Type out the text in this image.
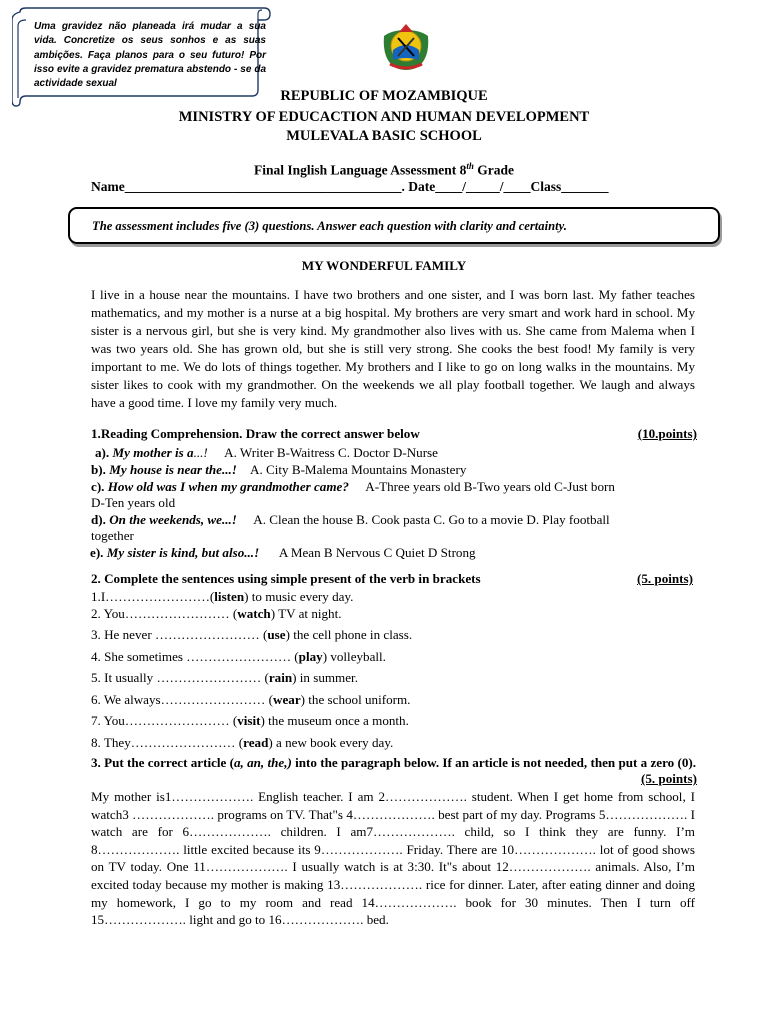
Uma gravidez não planeada irá mudar a sua vida. Concretize os seus sonhos e as suas ambições. Faça planos para o seu futuro! Por isso evite a gravidez prematura abstendo - se da actividade sexual
REPUBLIC OF MOZAMBIQUE
MINISTRY OF EDUCACTION AND HUMAN DEVELOPMENT
MULEVALA BASIC SCHOOL
Final Inglish Language Assessment 8th Grade
Name_________________________________________. Date____/_____/____Class_______
The assessment includes five (3) questions. Answer each question with clarity and certainty.
MY WONDERFUL FAMILY
I live in a house near the mountains. I have two brothers and one sister, and I was born last. My father teaches mathematics, and my mother is a nurse at a big hospital. My brothers are very smart and work hard in school. My sister is a nervous girl, but she is very kind. My grandmother also lives with us. She came from Malema when I was two years old. She has grown old, but she is still very strong. She cooks the best food! My family is very important to me. We do lots of things together. My brothers and I like to go on long walks in the mountains. My sister likes to cook with my grandmother. On the weekends we all play football together. We laugh and always have a good time. I love my family very much.
1.Reading Comprehension. Draw the correct answer below	(10.points)
a). My mother is a...! A. Writer B-Waitress C. Doctor D-Nurse
b). My house is near the...! A. City B-Malema Mountains Monastery
c). How old was I when my grandmother came? A-Three years old B-Two years old C-Just born
D-Ten years old
d). On the weekends, we...! A. Clean the house B. Cook pasta C. Go to a movie D. Play football
together
e). My sister is kind, but also...! A Mean B Nervous C Quiet D Strong
2. Complete the sentences using simple present of the verb in brackets	(5. points)
1.I……………………(listen) to music every day.
2. You…………………… (watch) TV at night.
3. He never …………………… (use) the cell phone in class.
4. She sometimes …………………… (play) volleyball.
5. It usually …………………… (rain) in summer.
6. We always…………………… (wear) the school uniform.
7. You…………………… (visit) the museum once a month.
8. They…………………… (read) a new book every day.
3. Put the correct article (a, an, the,) into the paragraph below. If an article is not needed, then put a zero (0).
(5. points)
My mother is1………………. English teacher. I am 2………………. student. When I get home from school, I watch3 ………………. programs on TV. That"s 4………………. best part of my day. Programs 5………………. I watch are for 6………………. children. I am7………………. child, so I think they are funny. I’m 8………………. little excited because its 9………………. Friday. There are 10………………. lot of good shows on TV today. One 11………………. I usually watch is at 3:30. It"s about 12………………. animals. Also, I’m excited today because my mother is making 13………………. rice for dinner. Later, after eating dinner and doing my homework, I go to my room and read 14………………. book for 30 minutes. Then I turn off 15………………. light and go to 16………………. bed.
